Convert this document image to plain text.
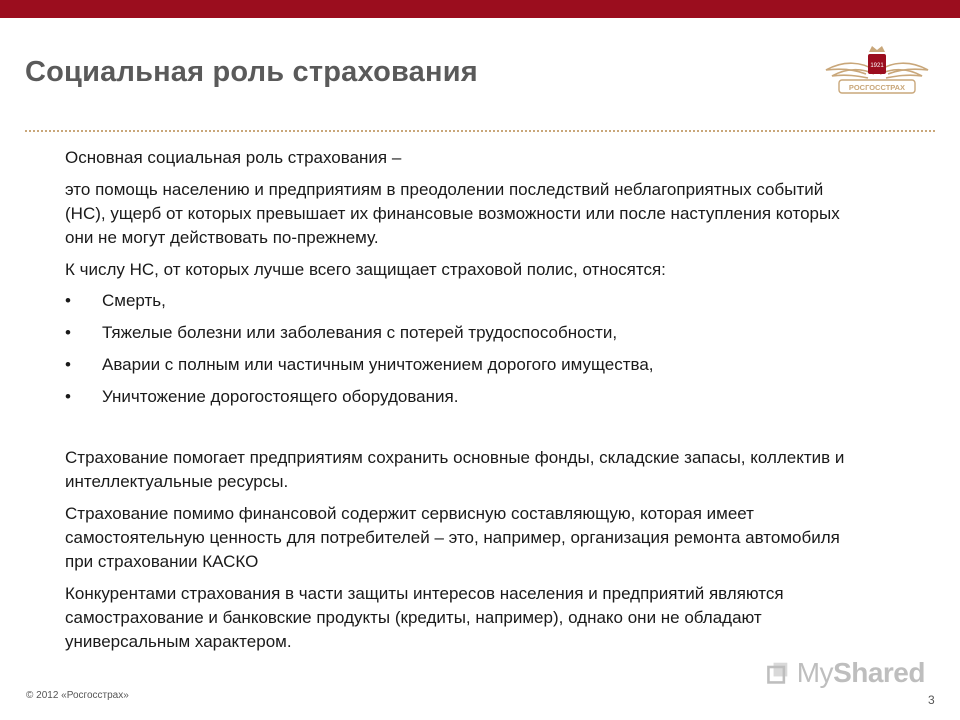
Социальная роль страхования	1921
РОСГОССТРАХ

Основная социальная роль страхования –

это помощь населению и предприятиям в преодолении последствий неблагоприятных событий (НС), ущерб от которых превышает их финансовые возможности или после наступления которых они не могут действовать по-прежнему.

К числу НС, от которых лучше всего защищает страховой полис, относятся:

• Смерть,
• Тяжелые болезни или заболевания с потерей трудоспособности,
• Аварии с полным или частичным уничтожением дорогого имущества,
• Уничтожение дорогостоящего оборудования.

Страхование помогает предприятиям сохранить основные фонды, складские запасы, коллектив и интеллектуальные ресурсы.

Страхование помимо финансовой содержит сервисную составляющую, которая имеет самостоятельную ценность для потребителей – это, например, организация ремонта автомобиля при страховании КАСКО

Конкурентами страхования в части защиты интересов населения и предприятий являются самострахование и банковские продукты (кредиты, например), однако они не обладают универсальным характером.

MyShared
© 2012 «Росгосстрах»	3
